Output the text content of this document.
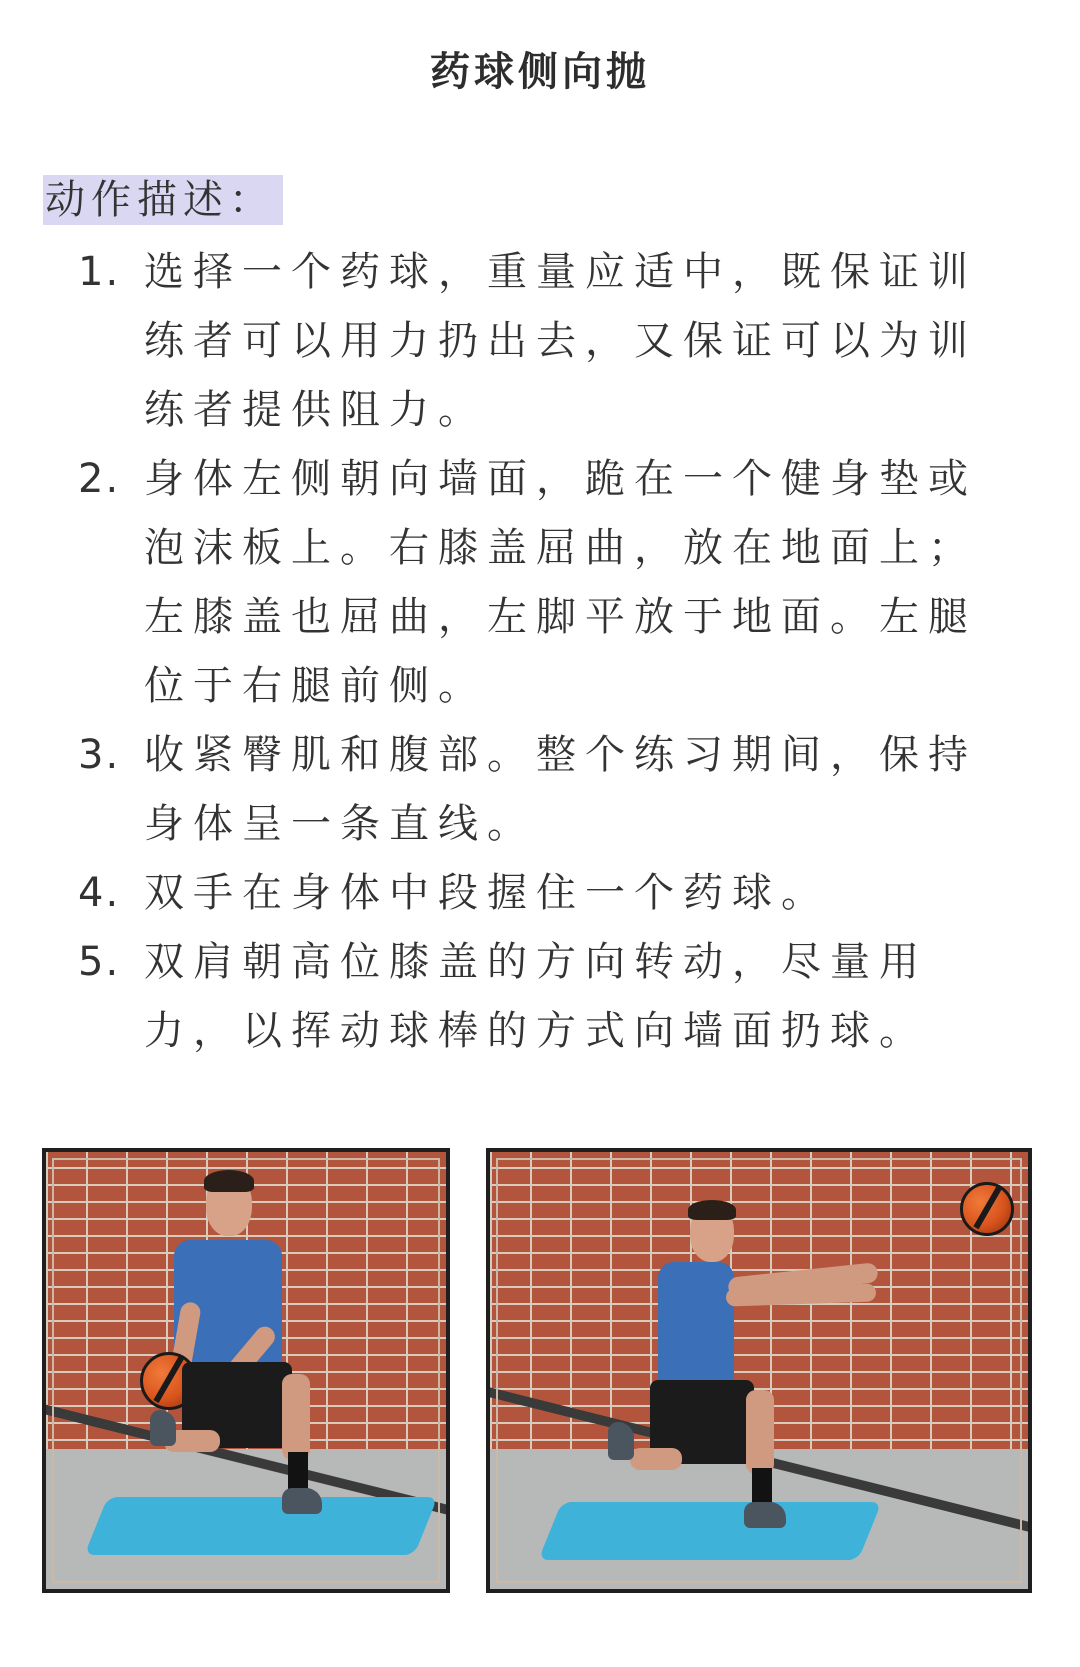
药球侧向抛
动作描述：
1. 选择一个药球，重量应适中，既保证训练者可以用力扔出去，又保证可以为训练者提供阻力。
2. 身体左侧朝向墙面，跪在一个健身垫或泡沫板上。右膝盖屈曲，放在地面上；左膝盖也屈曲，左脚平放于地面。左腿位于右腿前侧。
3. 收紧臀肌和腹部。整个练习期间，保持身体呈一条直线。
4. 双手在身体中段握住一个药球。
5. 双肩朝高位膝盖的方向转动，尽量用力，以挥动球棒的方式向墙面扔球。
